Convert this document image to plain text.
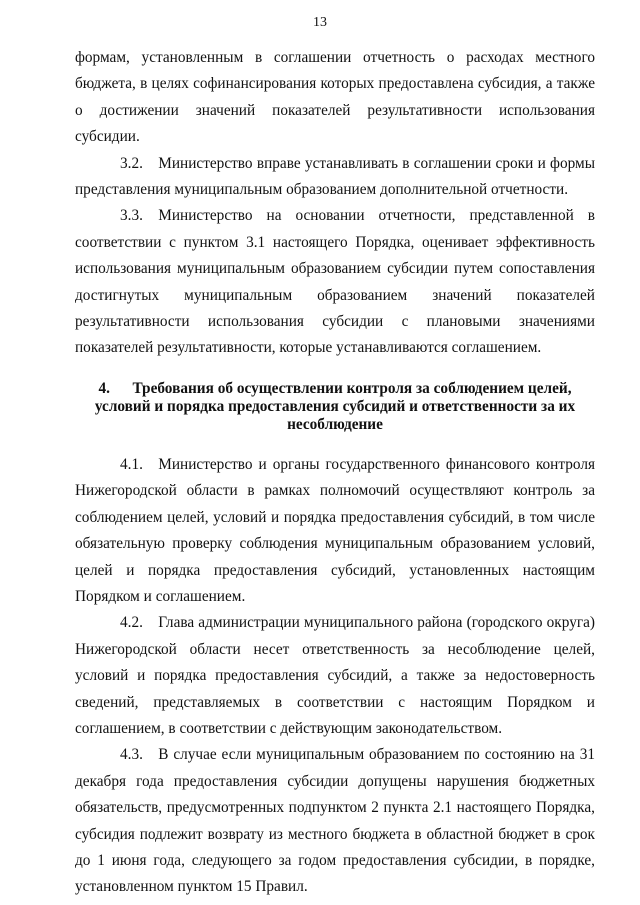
13

формам, установленным в соглашении отчетность о расходах местного бюджета, в целях софинансирования которых предоставлена субсидия, а также о достижении значений показателей результативности использования субсидии.

3.2. Министерство вправе устанавливать в соглашении сроки и формы представления муниципальным образованием дополнительной отчетности.

3.3. Министерство на основании отчетности, представленной в соответствии с пунктом 3.1 настоящего Порядка, оценивает эффективность использования муниципальным образованием субсидии путем сопоставления достигнутых муниципальным образованием значений показателей результативности использования субсидии с плановыми значениями показателей результативности, которые устанавливаются соглашением.

4. Требования об осуществлении контроля за соблюдением целей, условий и порядка предоставления субсидий и ответственности за их несоблюдение

4.1. Министерство и органы государственного финансового контроля Нижегородской области в рамках полномочий осуществляют контроль за соблюдением целей, условий и порядка предоставления субсидий, в том числе обязательную проверку соблюдения муниципальным образованием условий, целей и порядка предоставления субсидий, установленных настоящим Порядком и соглашением.

4.2. Глава администрации муниципального района (городского округа) Нижегородской области несет ответственность за несоблюдение целей, условий и порядка предоставления субсидий, а также за недостоверность сведений, представляемых в соответствии с настоящим Порядком и соглашением, в соответствии с действующим законодательством.

4.3. В случае если муниципальным образованием по состоянию на 31 декабря года предоставления субсидии допущены нарушения бюджетных обязательств, предусмотренных подпунктом 2 пункта 2.1 настоящего Порядка, субсидия подлежит возврату из местного бюджета в областной бюджет в срок до 1 июня года, следующего за годом предоставления субсидии, в порядке, установленном пунктом 15 Правил.
